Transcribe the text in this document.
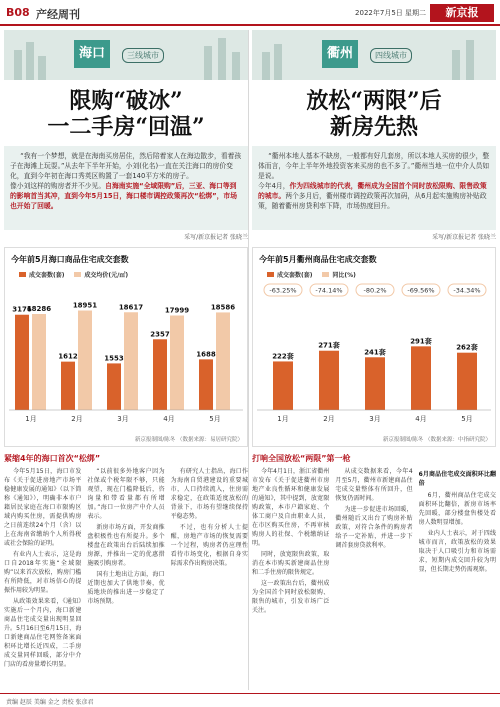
B08 产经周刊	2022年7月5日 星期二	新京报
海口	三线城市
限购“破冰”
一二手房“回温”
“我有一个梦想，就是在海南买房居住，然后陪着家人在海边散步，看着孩子在海滩上玩耍。”从去年下半年开始，小刘(化名)一直在关注海口的房价变化，直到今年初在海口秀英区购置了一套140平方米的房子。
像小刘这样的购房者并不少见。自海南实施“全域限购”后，三亚、海口等到的影响首当其冲，直到今年5月15日，海口楼市调控政策再次“松绑”，市场也开始了回暖。
采写/新京报记者 张晓兰
今年前5月海口商品住宅成交套数
成交套数(套)
	成交均价(元/㎡)
3176
18286
1月
1612
18951
2月
1553
18617
3月
2357
17999
4月
1688
18586
5月
新京报制图/陈冬 （数据来源：易居研究院）
紧缩4年的海口首次“松绑”

今年5月15日，海口市发布《关于促进房地产市场平稳健康发展的通知》（以下简称《通知》），明确非本市户籍居民家庭在海口市限购区域内购买住房，需提供购房之日前连续24个月（含）以上在海南省缴纳个人所得税或社会保险的证明。

有业内人士表示，这是海口自2018年实施“全域限购”以来首次放松，购房门槛有所降低，对市场信心的提振作用较为明显。

从政策效果来看，《通知》实施后一个月内，海口新建商品住宅成交量出现明显回升。5月16日至6月15日，海口新建商品住宅网签备案面积环比增长近四成，二手房成交量同样回暖，部分中介门店的看房量增长明显。

“以前很多外地客户因为社保或个税年限不够，只能观望，现在门槛降低后，咨询量和带看量都有所增加。”海口一位房产中介人员表示。

新房市场方面，开发商推盘积极性也有所提升。多个楼盘在政策出台后陆续加推房源，并推出一定的优惠措施吸引购房者。

国有土地出让方面，海口近期也加大了供地节奏，优质地块的推出进一步稳定了市场预期。

有研究人士指出，海口作为海南自贸港建设的重要城市，人口持续流入，住房需求稳定，在政策适度放松的背景下，市场有望继续保持平稳态势。

不过，也有分析人士提醒，房地产市场的恢复需要一个过程，购房者仍应理性看待市场变化，根据自身实际需求作出购房决策。

衢州	四线城市
放松“两限”后
新房先热
“衢州本地人基本不缺房，一般都有好几套房，所以本地人买房的很少，整体而言，今年上半年外地投资客来买房的也不多了。”衢州当地一位中介人员如是说。
今年4月，作为四线城市的代表，衢州成为全国首个同时放松限购、限售政策的城市。两个多月后，衢州楼市调控政策再次加码，从6月起实施购房补贴政策，随着衢州房贷利率下降，市场热度回升。
采写/新京报记者 张晓兰
今年前5月衢州商品住宅成交套数
成交套数(套)
	同比(%)
222套
-63.25%
1月
271套
-74.14%
2月
241套
-80.2%
3月
291套
-69.56%
4月
262套
-34.34%
5月
新京报制图/陈冬 （数据来源：中指研究院）
打响全国放松“两限”第一枪

今年4月1日，浙江省衢州市发布《关于促进衢州市房地产业良性循环和健康发展的通知》，其中提到，放宽限购政策，本市户籍家庭、个体工商户及自由职业人员，在市区购买住房，不再审核购房人的社保、个税缴纳证明。

同时，放宽限售政策，取消在本市购买新建商品住房和二手住房的限售规定。

这一政策出台后，衢州成为全国首个同时放松限购、限售的城市，引发市场广泛关注。

从成交数据来看，今年4月至5月，衢州市新建商品住宅成交量整体有所回升，但恢复仍需时间。

为进一步促进市场回暖，衢州随后又出台了购房补贴政策，对符合条件的购房者给予一定补贴，并进一步下调首套房贷款利率。

6月商品住宅成交面积环比翻倍

6月，衢州商品住宅成交面积环比翻倍，新房市场率先回暖，部分楼盘售楼处看房人数明显增加。

业内人士表示，对于四线城市而言，政策放松的效果取决于人口吸引力和市场需求，短期内成交回升较为明显，但长期走势仍需观察。

责编 赵辰 美编 金之 责校 张彦君
